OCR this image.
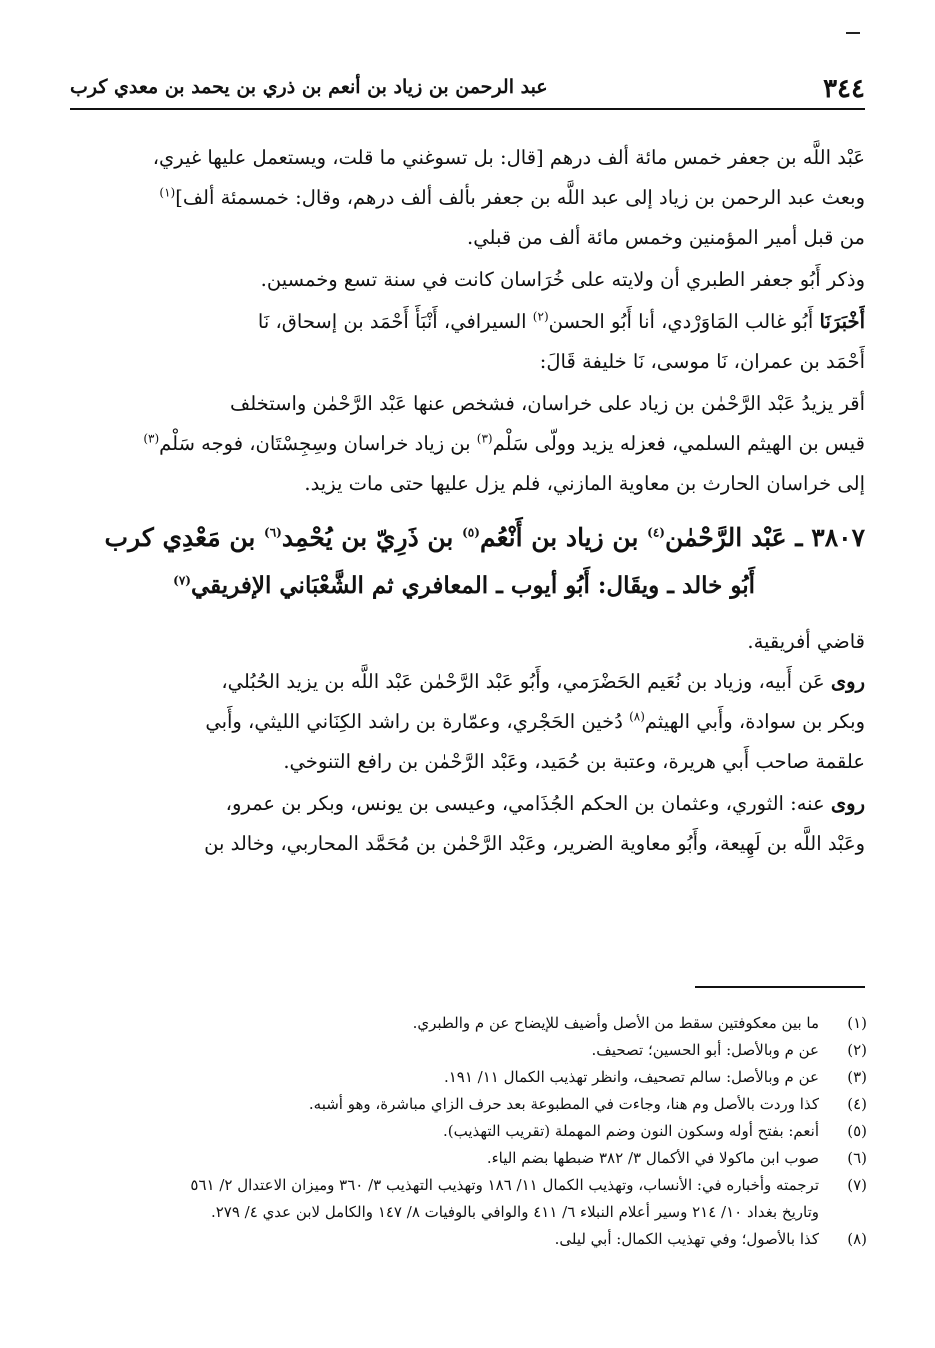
٣٤٤
عبد الرحمن بن زياد بن أنعم بن ذري بن يحمد بن معدي كرب

عَبْد اللَّه بن جعفر خمس مائة ألف درهم [قال: بل تسوغني ما قلت، ويستعمل عليها غيري،
وبعث عبد الرحمن بن زياد إلى عبد اللَّه بن جعفر بألف ألف درهم، وقال: خمسمئة ألف]$^{(١)}$
من قبل أمير المؤمنين وخمس مائة ألف من قبلي.

وذكر أَبُو جعفر الطبري أن ولايته على خُرَاسان كانت في سنة تسع وخمسين.

أَخْبَرَنَا أَبُو غالب المَاوَرْدي، أنا أَبُو الحسن$^{(٢)}$ السيرافي، أَنْبَأَ أَحْمَد بن إسحاق، نَا
أَحْمَد بن عمران، نَا موسى، نَا خليفة قَالَ:

أقر يزيدُ عَبْد الرَّحْمٰن بن زياد على خراسان، فشخص عنها عَبْد الرَّحْمٰن واستخلف
قيس بن الهيثم السلمي، فعزله يزيد وولّى سَلْم$^{(٣)}$ بن زياد خراسان وسِجِسْتَان، فوجه سَلْم$^{(٣)}$
إلى خراسان الحارث بن معاوية المازني، فلم يزل عليها حتى مات يزيد.

٣٨٠٧ ـ عَبْد الرَّحْمٰن$^{(٤)}$ بن زياد بن أَنْعُم$^{(٥)}$ بن ذَرِيّ بن يُحْمِد$^{(٦)}$ بن مَعْدِي كرب
أَبُو خالد ـ ويقَال: أَبُو أيوب ـ المعافري ثم الشَّعْبَاني الإفريقي$^{(٧)}$

قاضي أفريقية.

روى عَن أَبيه، وزياد بن نُعَيم الحَضْرَمي، وأَبُو عَبْد الرَّحْمٰن عَبْد اللَّه بن يزيد الحُبُلي،
وبكر بن سوادة، وأَبي الهيثم$^{(٨)}$ دُخين الحَجْري، وعمّارة بن راشد الكِنَاني الليثي، وأَبي
علقمة صاحب أَبي هريرة، وعتبة بن حُمَيد، وعَبْد الرَّحْمٰن بن رافع التنوخي.

روى عنه: الثوري، وعثمان بن الحكم الجُذَامي، وعيسى بن يونس، وبكر بن عمرو،
وعَبْد اللَّه بن لَهِيعة، وأَبُو معاوية الضرير، وعَبْد الرَّحْمٰن بن مُحَمَّد المحاربي، وخالد بن

(١)
ما بين معكوفتين سقط من الأصل وأضيف للإيضاح عن م والطبري.
(٢)
عن م وبالأصل: أبو الحسين؛ تصحيف.
(٣)
عن م وبالأصل: سالم تصحيف، وانظر تهذيب الكمال ١١/ ١٩١.
(٤)
كذا وردت بالأصل وم هنا، وجاءت في المطبوعة بعد حرف الزاي مباشرة، وهو أشبه.
(٥)
أنعم: بفتح أوله وسكون النون وضم المهملة (تقريب التهذيب).
(٦)
صوب ابن ماكولا في الأكمال ٣/ ٣٨٢ ضبطها بضم الياء.
(٧)
ترجمته وأخباره في: الأنساب، وتهذيب الكمال ١١/ ١٨٦ وتهذيب التهذيب ٣/ ٣٦٠ وميزان الاعتدال ٢/ ٥٦١
وتاريخ بغداد ١٠/ ٢١٤ وسير أعلام النبلاء ٦/ ٤١١ والوافي بالوفيات ٨/ ١٤٧ والكامل لابن عدي ٤/ ٢٧٩.
(٨)
كذا بالأصول؛ وفي تهذيب الكمال: أبي ليلى.
